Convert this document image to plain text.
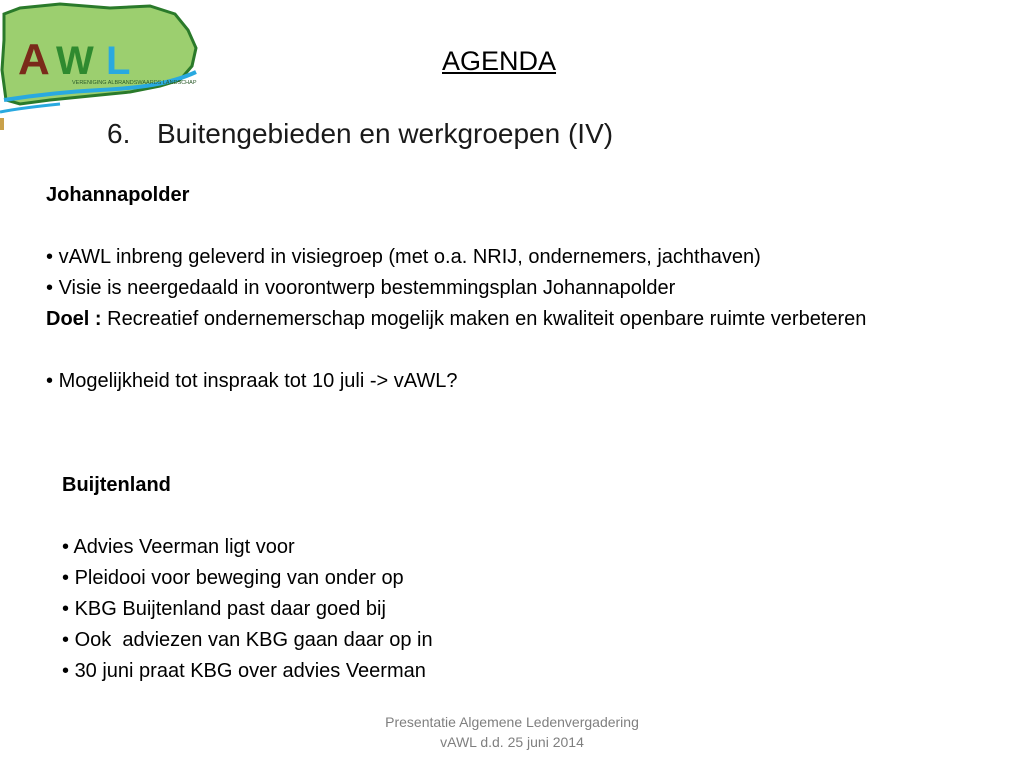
A W L
VERENIGING ALBRANDSWAARDS LANDSCHAP
AGENDA
6. Buitengebieden en werkgroepen (IV)

Johannapolder

• vAWL inbreng geleverd in visiegroep (met o.a. NRIJ, ondernemers, jachthaven)

• Visie is neergedaald in voorontwerp bestemmingsplan Johannapolder

Doel : Recreatief ondernemerschap mogelijk maken en kwaliteit openbare ruimte verbeteren

• Mogelijkheid tot inspraak tot 10 juli -> vAWL?

Buijtenland

• Advies Veerman ligt voor

• Pleidooi voor beweging van onder op

• KBG Buijtenland past daar goed bij

• Ook  adviezen van KBG gaan daar op in

• 30 juni praat KBG over advies Veerman

Presentatie Algemene Ledenvergadering
vAWL d.d. 25 juni 2014
